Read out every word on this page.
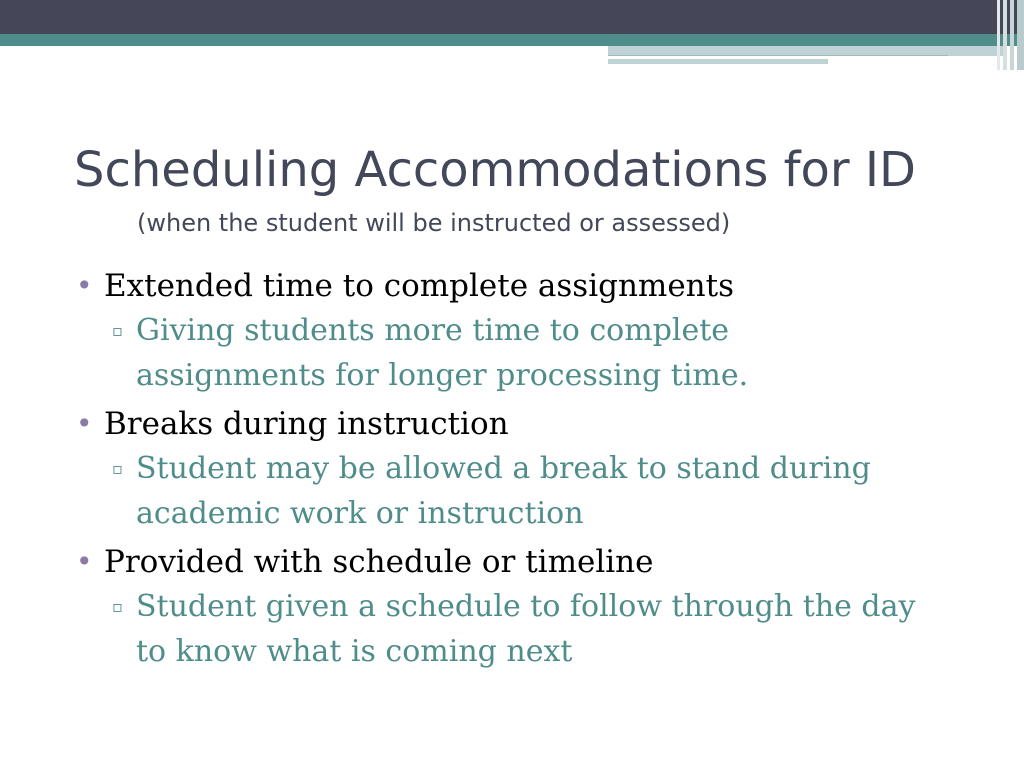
Scheduling Accommodations for ID
(when the student will be instructed or assessed)
• Extended time to complete assignments
▫ Giving students more time to complete
assignments for longer processing time.
• Breaks during instruction
▫ Student may be allowed a break to stand during
academic work or instruction
• Provided with schedule or timeline
▫ Student given a schedule to follow through the day
to know what is coming next
